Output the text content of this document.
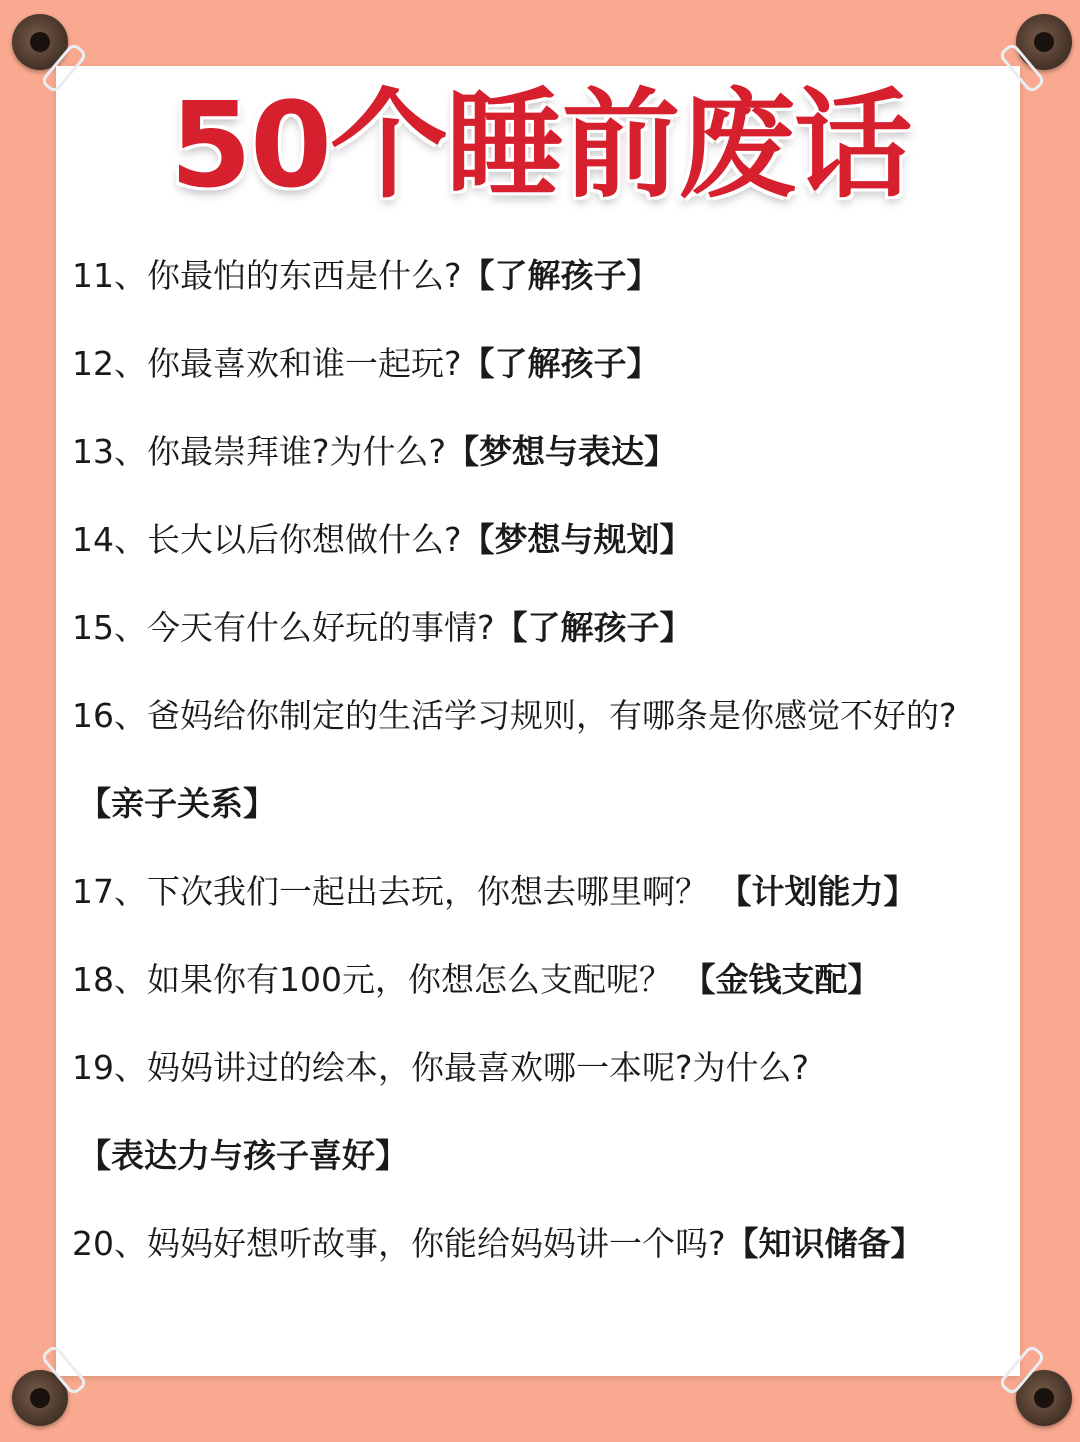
50个睡前废话
11、你最怕的东西是什么?【了解孩子】
12、你最喜欢和谁一起玩?【了解孩子】
13、你最崇拜谁?为什么?【梦想与表达】
14、长大以后你想做什么?【梦想与规划】
15、今天有什么好玩的事情?【了解孩子】
16、爸妈给你制定的生活学习规则，有哪条是你感觉不好的?
【亲子关系】
17、下次我们一起出去玩，你想去哪里啊？ 【计划能力】
18、如果你有100元，你想怎么支配呢？ 【金钱支配】
19、妈妈讲过的绘本，你最喜欢哪一本呢?为什么?
【表达力与孩子喜好】
20、妈妈好想听故事，你能给妈妈讲一个吗?【知识储备】
